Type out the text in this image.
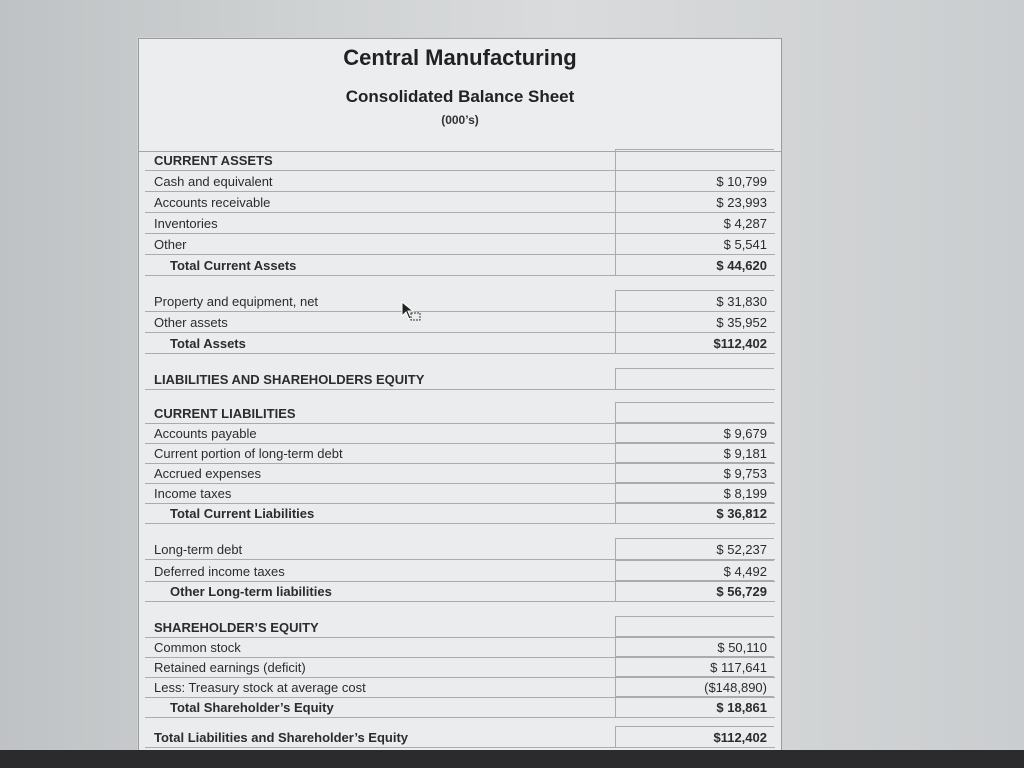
Central Manufacturing
Consolidated Balance Sheet
(000’s)
CURRENT ASSETS
Cash and equivalent	$ 10,799
Accounts receivable	$ 23,993
Inventories	$ 4,287
Other	$ 5,541
Total Current Assets	$ 44,620
Property and equipment, net	$ 31,830
Other assets	$ 35,952
Total Assets	$112,402
LIABILITIES AND SHAREHOLDERS EQUITY
CURRENT LIABILITIES
Accounts payable	$ 9,679
Current portion of long-term debt	$ 9,181
Accrued expenses	$ 9,753
Income taxes	$ 8,199
Total Current Liabilities	$ 36,812
Long-term debt	$ 52,237
Deferred income taxes	$ 4,492
Other Long-term liabilities	$ 56,729
SHAREHOLDER’S EQUITY
Common stock	$ 50,110
Retained earnings (deficit)	$ 117,641
Less: Treasury stock at average cost	($148,890)
Total Shareholder’s Equity	$ 18,861
Total Liabilities and Shareholder’s Equity	$112,402
